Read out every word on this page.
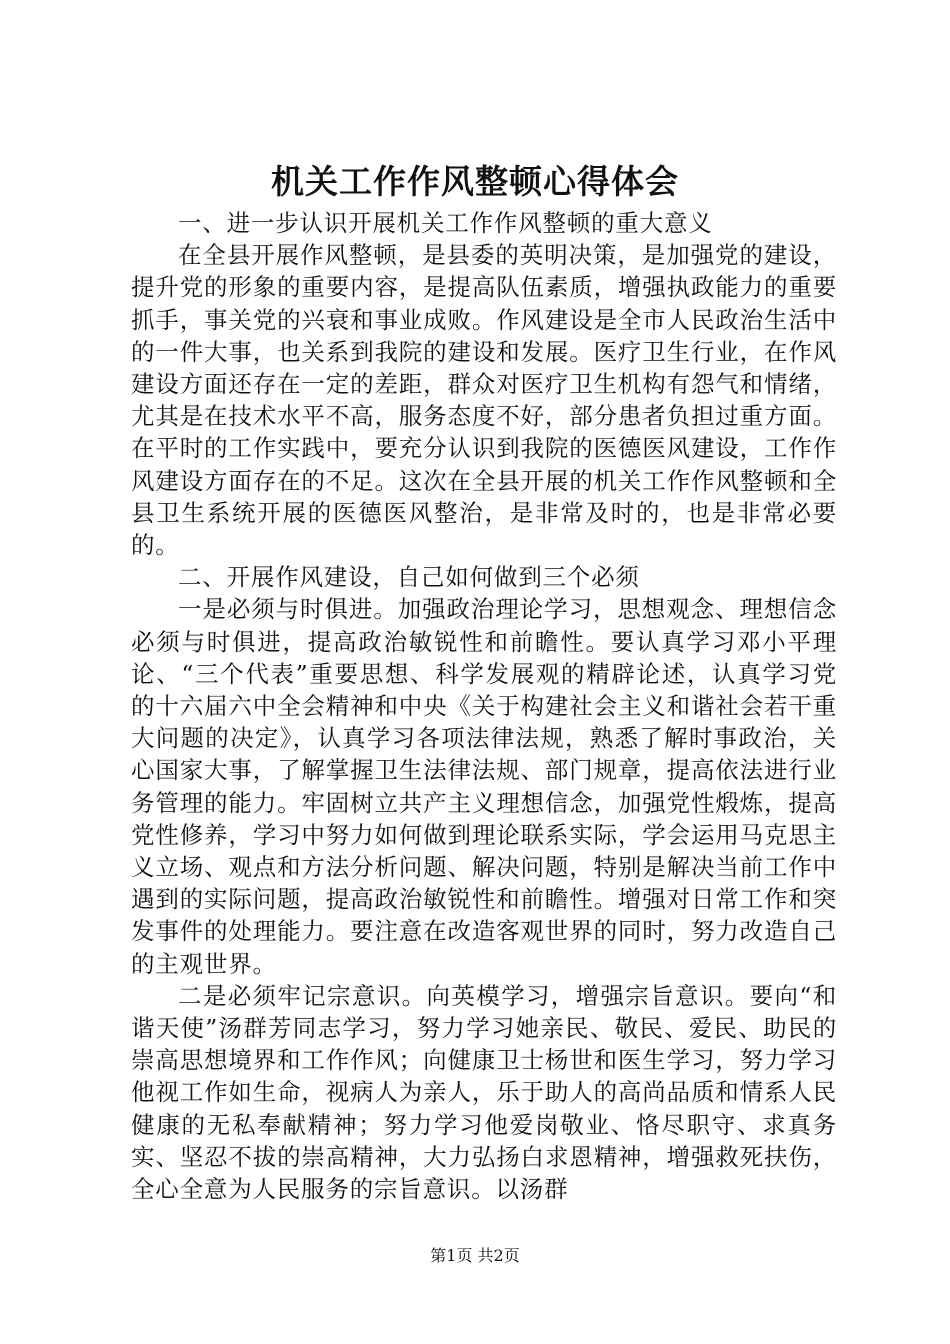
机关工作作风整顿心得体会

一、进一步认识开展机关工作作风整顿的重大意义

在全县开展作风整顿，是县委的英明决策，是加强党的建设，提升党的形象的重要内容，是提高队伍素质，增强执政能力的重要抓手，事关党的兴衰和事业成败。作风建设是全市人民政治生活中的一件大事，也关系到我院的建设和发展。医疗卫生行业，在作风建设方面还存在一定的差距，群众对医疗卫生机构有怨气和情绪，尤其是在技术水平不高，服务态度不好，部分患者负担过重方面。在平时的工作实践中，要充分认识到我院的医德医风建设，工作作风建设方面存在的不足。这次在全县开展的机关工作作风整顿和全县卫生系统开展的医德医风整治，是非常及时的，也是非常必要的。

二、开展作风建设，自己如何做到三个必须

一是必须与时俱进。加强政治理论学习，思想观念、理想信念必须与时俱进，提高政治敏锐性和前瞻性。要认真学习邓小平理论、“三个代表”重要思想、科学发展观的精辟论述，认真学习党的十六届六中全会精神和中央《关于构建社会主义和谐社会若干重大问题的决定》，认真学习各项法律法规，熟悉了解时事政治，关心国家大事，了解掌握卫生法律法规、部门规章，提高依法进行业务管理的能力。牢固树立共产主义理想信念，加强党性煅炼，提高党性修养，学习中努力如何做到理论联系实际，学会运用马克思主义立场、观点和方法分析问题、解决问题，特别是解决当前工作中遇到的实际问题，提高政治敏锐性和前瞻性。增强对日常工作和突发事件的处理能力。要注意在改造客观世界的同时，努力改造自己的主观世界。

二是必须牢记宗意识。向英模学习，增强宗旨意识。要向“和谐天使”汤群芳同志学习，努力学习她亲民、敬民、爱民、助民的崇高思想境界和工作作风；向健康卫士杨世和医生学习，努力学习他视工作如生命，视病人为亲人，乐于助人的高尚品质和情系人民健康的无私奉献精神；努力学习他爱岗敬业、恪尽职守、求真务实、坚忍不拔的崇高精神，大力弘扬白求恩精神，增强救死扶伤，全心全意为人民服务的宗旨意识。以汤群

第1页 共2页
